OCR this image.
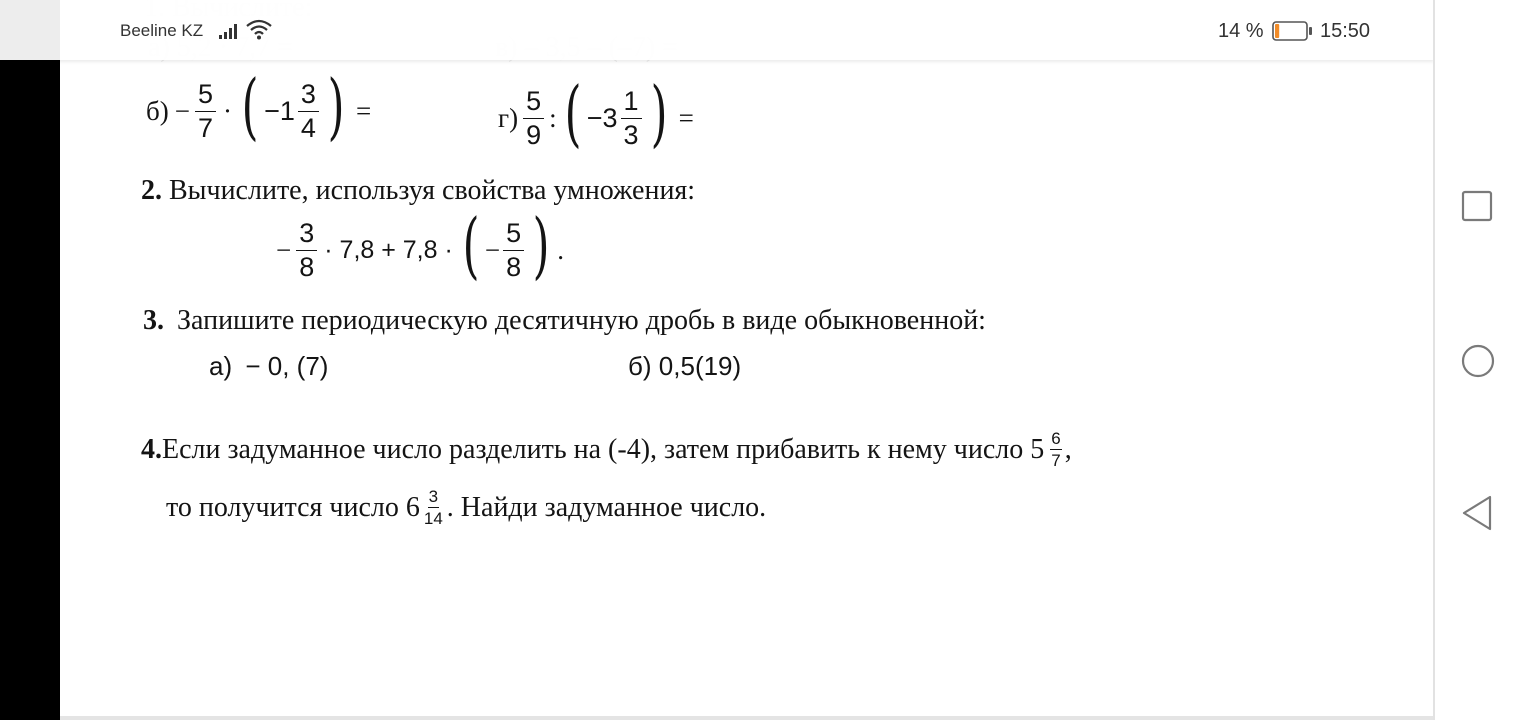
Beeline KZ	14 %	15:50
$б) - \frac{5}{7}$ · ( − $1 \frac{3}{4}$ ) =	$г) \frac{5}{9}$ : ( − $3 \frac{1}{3}$ ) =
2. Вычислите, используя свойства умножения:
− $\frac{3}{8} \cdot 7,8 + 7,8$ · ( − $\frac{5}{8}$ ) .
3. Запишите периодическую десятичную дробь в виде обыкновенной:
а) − 0, (7)	б) 0,5(19)
4. Если задуманное число разделить на (-4), затем прибавить к нему число $5 \frac{6}{7}$ ,
то получится число $6 \frac{3}{14}$ . Найди задуманное число.
